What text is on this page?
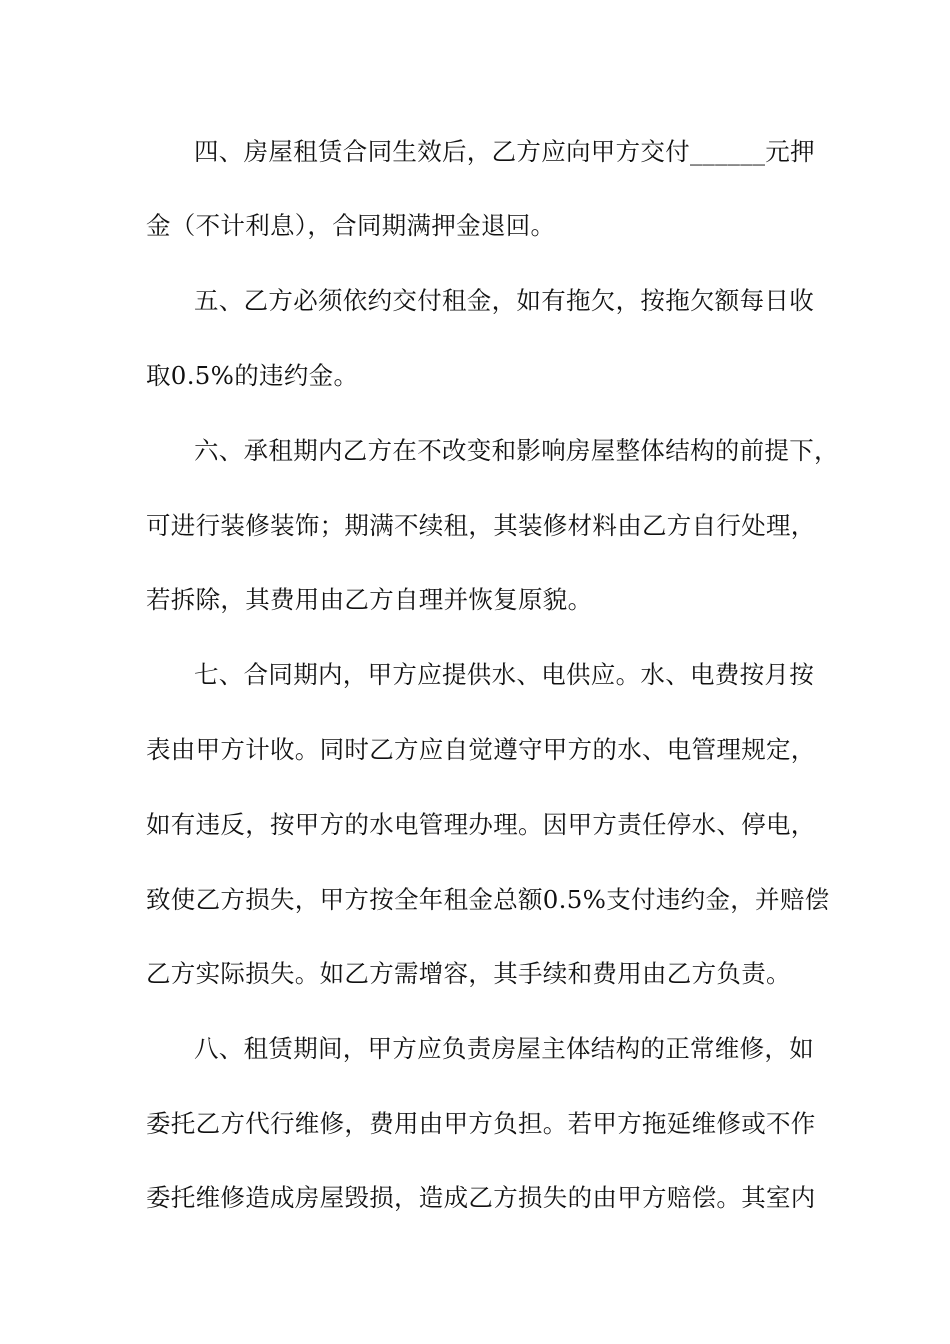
四、房屋租赁合同生效后，乙方应向甲方交付______元押
金（不计利息），合同期满押金退回。
五、乙方必须依约交付租金，如有拖欠，按拖欠额每日收
取0.5%的违约金。
六、承租期内乙方在不改变和影响房屋整体结构的前提下，
可进行装修装饰；期满不续租，其装修材料由乙方自行处理，
若拆除，其费用由乙方自理并恢复原貌。
七、合同期内，甲方应提供水、电供应。水、电费按月按
表由甲方计收。同时乙方应自觉遵守甲方的水、电管理规定，
如有违反，按甲方的水电管理办理。因甲方责任停水、停电，
致使乙方损失，甲方按全年租金总额0.5%支付违约金，并赔偿
乙方实际损失。如乙方需增容，其手续和费用由乙方负责。
八、租赁期间，甲方应负责房屋主体结构的正常维修，如
委托乙方代行维修，费用由甲方负担。若甲方拖延维修或不作
委托维修造成房屋毁损，造成乙方损失的由甲方赔偿。其室内
